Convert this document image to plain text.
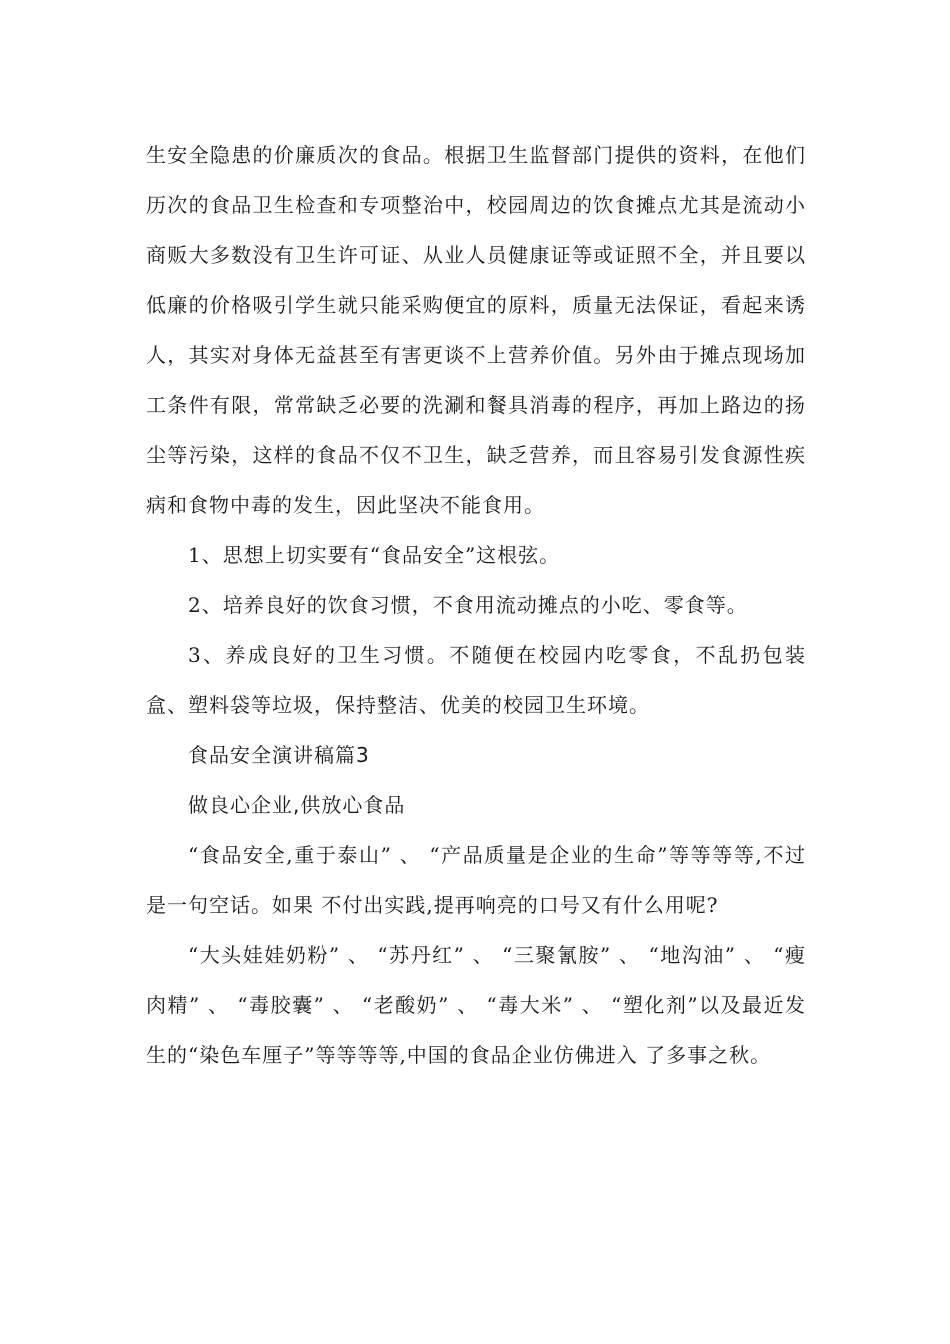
生安全隐患的价廉质次的食品。根据卫生监督部门提供的资料，在他们历次的食品卫生检查和专项整治中，校园周边的饮食摊点尤其是流动小商贩大多数没有卫生许可证、从业人员健康证等或证照不全，并且要以低廉的价格吸引学生就只能采购便宜的原料，质量无法保证，看起来诱人，其实对身体无益甚至有害更谈不上营养价值。另外由于摊点现场加工条件有限，常常缺乏必要的洗涮和餐具消毒的程序，再加上路边的扬尘等污染，这样的食品不仅不卫生，缺乏营养，而且容易引发食源性疾病和食物中毒的发生，因此坚决不能食用。

1、思想上切实要有“食品安全”这根弦。

2、培养良好的饮食习惯，不食用流动摊点的小吃、零食等。

3、养成良好的卫生习惯。不随便在校园内吃零食，不乱扔包装盒、塑料袋等垃圾，保持整洁、优美的校园卫生环境。

食品安全演讲稿篇3

做良心企业,供放心食品

“食品安全,重于泰山” 、 “产品质量是企业的生命”等等等等,不过是一句空话。如果 不付出实践,提再响亮的口号又有什么用呢?

“大头娃娃奶粉” 、 “苏丹红” 、 “三聚氰胺” 、 “地沟油” 、 “瘦肉精” 、 “毒胶囊” 、 “老酸奶” 、 “毒大米” 、 “塑化剂”以及最近发生的“染色车厘子”等等等等,中国的食品企业仿佛进入 了多事之秋。
